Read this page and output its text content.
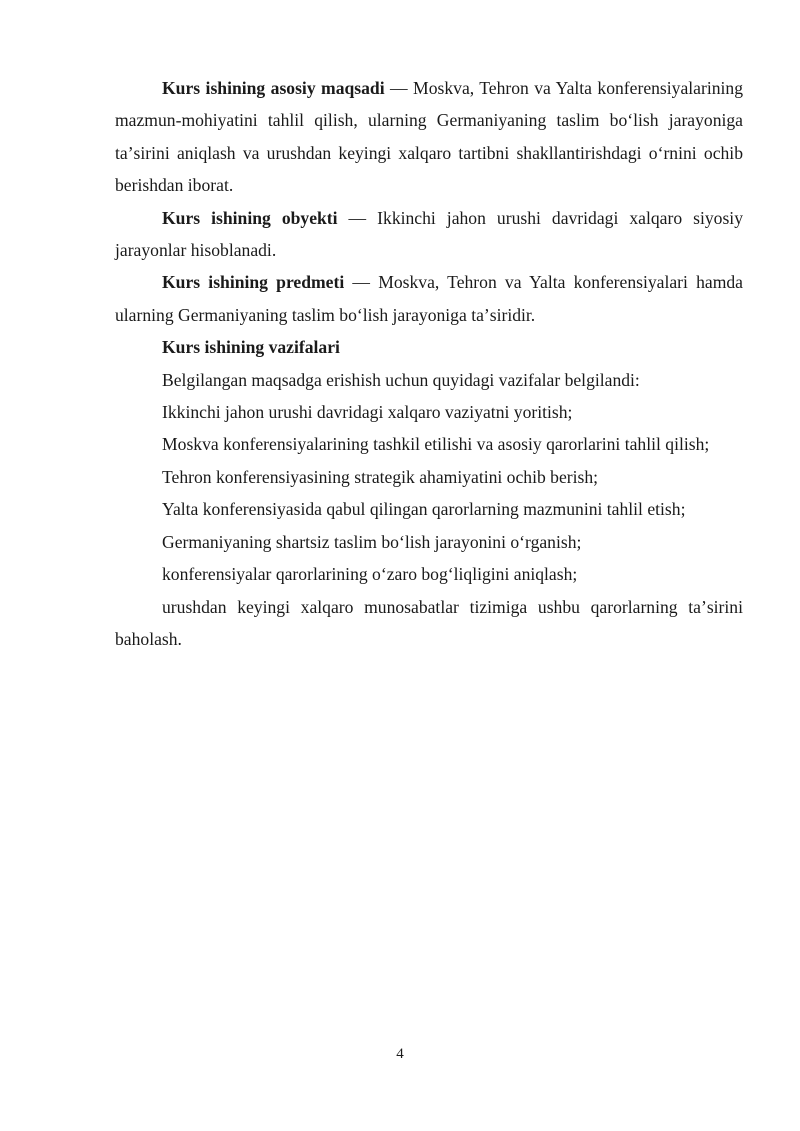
Kurs ishining asosiy maqsadi — Moskva, Tehron va Yalta konferensiyalarining mazmun-mohiyatini tahlil qilish, ularning Germaniyaning taslim boʻlish jarayoniga taʼsirini aniqlash va urushdan keyingi xalqaro tartibni shakllantirishdagi oʻrnini ochib berishdan iborat.

Kurs ishining obyekti — Ikkinchi jahon urushi davridagi xalqaro siyosiy jarayonlar hisoblanadi.

Kurs ishining predmeti — Moskva, Tehron va Yalta konferensiyalari hamda ularning Germaniyaning taslim boʻlish jarayoniga taʼsiridir.

Kurs ishining vazifalari

Belgilangan maqsadga erishish uchun quyidagi vazifalar belgilandi:

Ikkinchi jahon urushi davridagi xalqaro vaziyatni yoritish;

Moskva konferensiyalarining tashkil etilishi va asosiy qarorlarini tahlil qilish;

Tehron konferensiyasining strategik ahamiyatini ochib berish;

Yalta konferensiyasida qabul qilingan qarorlarning mazmunini tahlil etish;

Germaniyaning shartsiz taslim boʻlish jarayonini oʻrganish;

konferensiyalar qarorlarining oʻzaro bogʻliqligini aniqlash;

urushdan keyingi xalqaro munosabatlar tizimiga ushbu qarorlarning taʼsirini baholash.

4
